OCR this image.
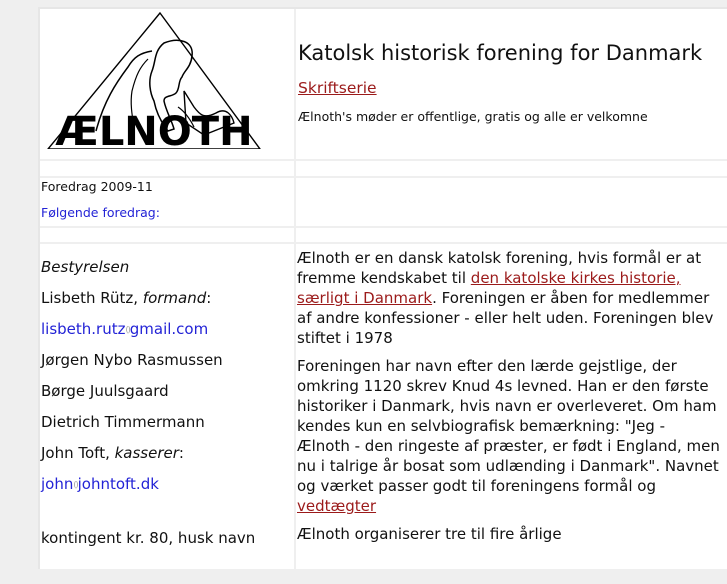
ÆLNOTH
Katolsk historisk forening for Danmark
Skriftserie
Ælnoth's møder er offentlige, gratis og alle er velkomne
Foredrag 2009-11
Følgende foredrag:
Bestyrelsen
Lisbeth Rütz, formand:
lisbeth.rutz()gmail.com
Jørgen Nybo Rasmussen
Børge Juulsgaard
Dietrich Timmermann
John Toft, kasserer:
john()johntoft.dk
kontingent kr. 80, husk navn

Ælnoth er en dansk katolsk forening, hvis formål er at fremme kendskabet til den katolske kirkes historie, særligt i Danmark. Foreningen er åben for medlemmer af andre konfessioner - eller helt uden. Foreningen blev stiftet i 1978

Foreningen har navn efter den lærde gejstlige, der omkring 1120 skrev Knud 4s levned. Han er den første historiker i Danmark, hvis navn er overleveret. Om ham kendes kun en selvbiografisk bemærkning: "Jeg - Ælnoth - den ringeste af præster, er født i England, men nu i talrige år bosat som udlænding i Danmark". Navnet og værket passer godt til foreningens formål og vedtægter

Ælnoth organiserer tre til fire årlige
